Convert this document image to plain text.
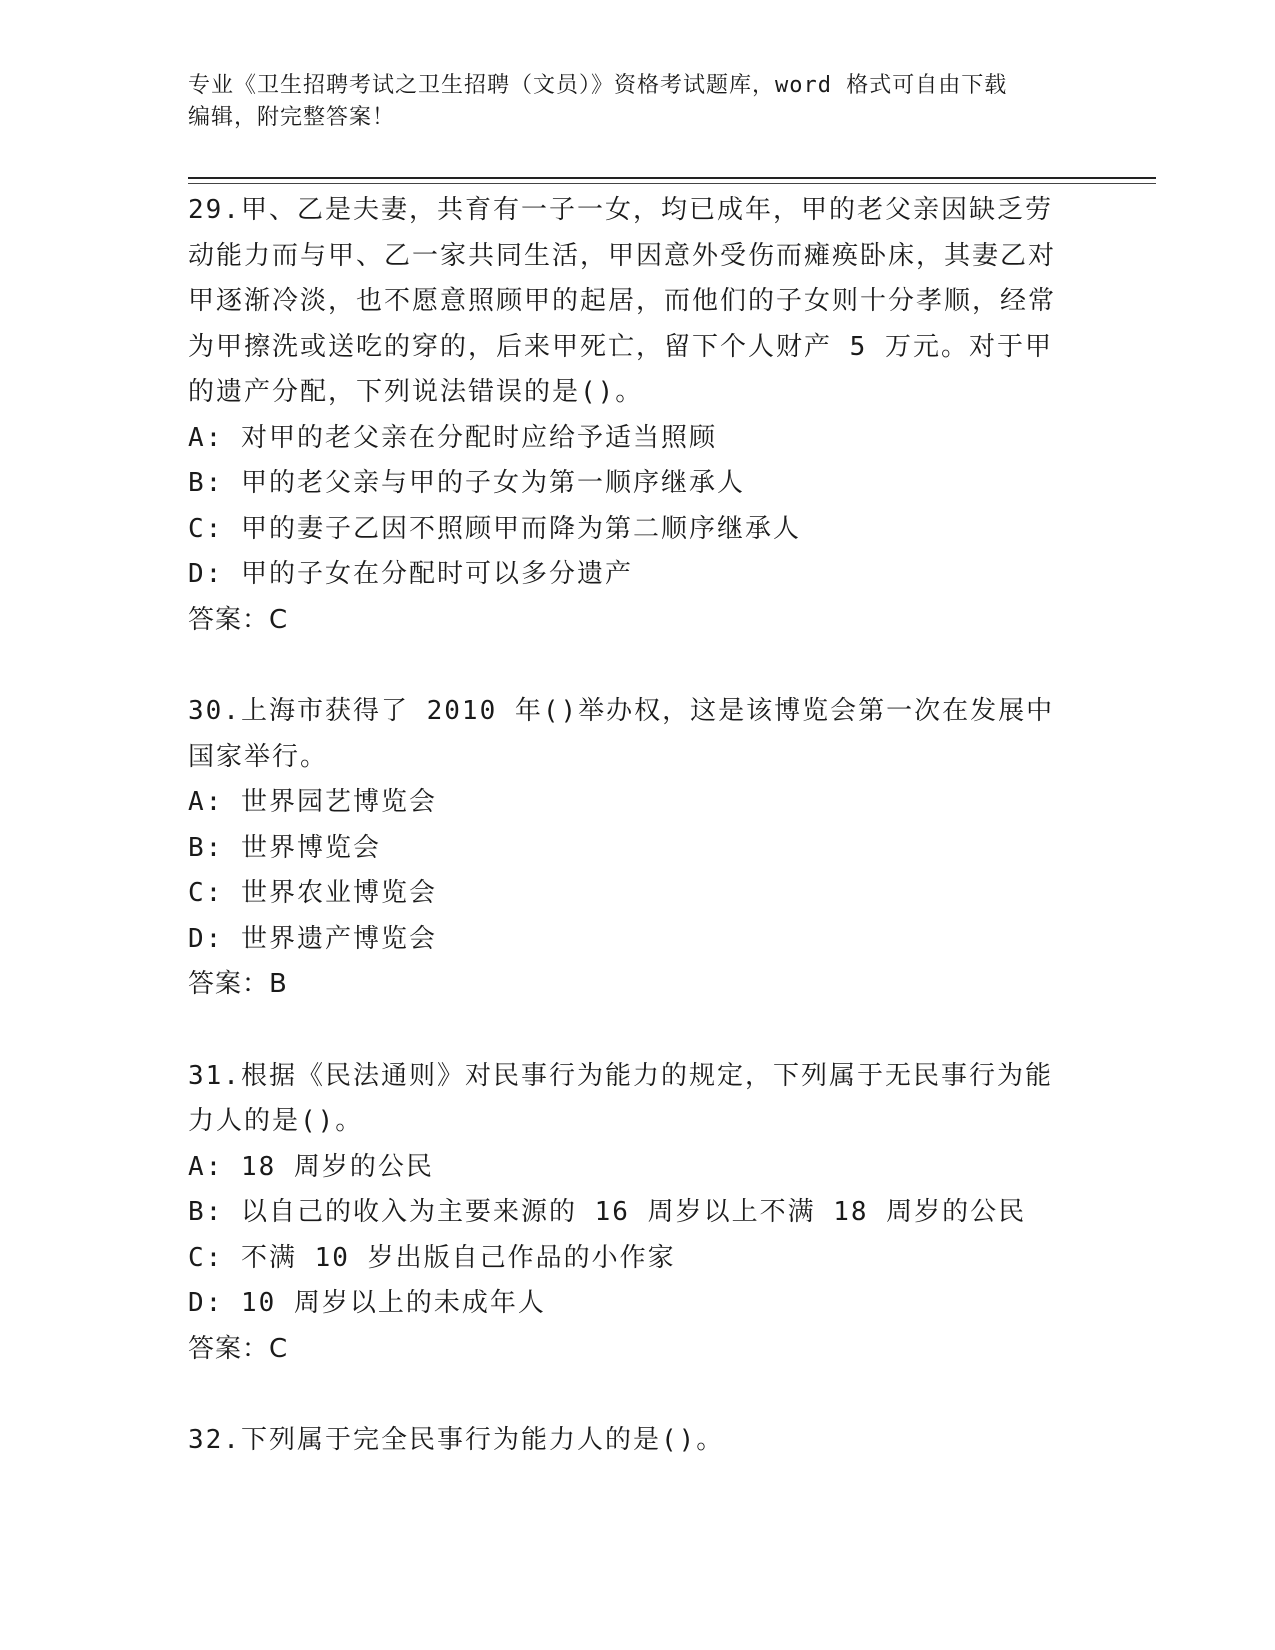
专业《卫生招聘考试之卫生招聘（文员）》资格考试题库，word 格式可自由下载
编辑，附完整答案！
29.甲、乙是夫妻，共育有一子一女，均已成年，甲的老父亲因缺乏劳动能力而与甲、乙一家共同生活，甲因意外受伤而瘫痪卧床，其妻乙对甲逐渐冷淡，也不愿意照顾甲的起居，而他们的子女则十分孝顺，经常为甲擦洗或送吃的穿的，后来甲死亡，留下个人财产 5 万元。对于甲的遗产分配，下列说法错误的是()。
A: 对甲的老父亲在分配时应给予适当照顾
B: 甲的老父亲与甲的子女为第一顺序继承人
C: 甲的妻子乙因不照顾甲而降为第二顺序继承人
D: 甲的子女在分配时可以多分遗产
答案：C
30.上海市获得了 2010 年()举办权，这是该博览会第一次在发展中国家举行。
A: 世界园艺博览会
B: 世界博览会
C: 世界农业博览会
D: 世界遗产博览会
答案：B
31.根据《民法通则》对民事行为能力的规定，下列属于无民事行为能力人的是()。
A: 18 周岁的公民
B: 以自己的收入为主要来源的 16 周岁以上不满 18 周岁的公民
C: 不满 10 岁出版自己作品的小作家
D: 10 周岁以上的未成年人
答案：C
32.下列属于完全民事行为能力人的是()。
